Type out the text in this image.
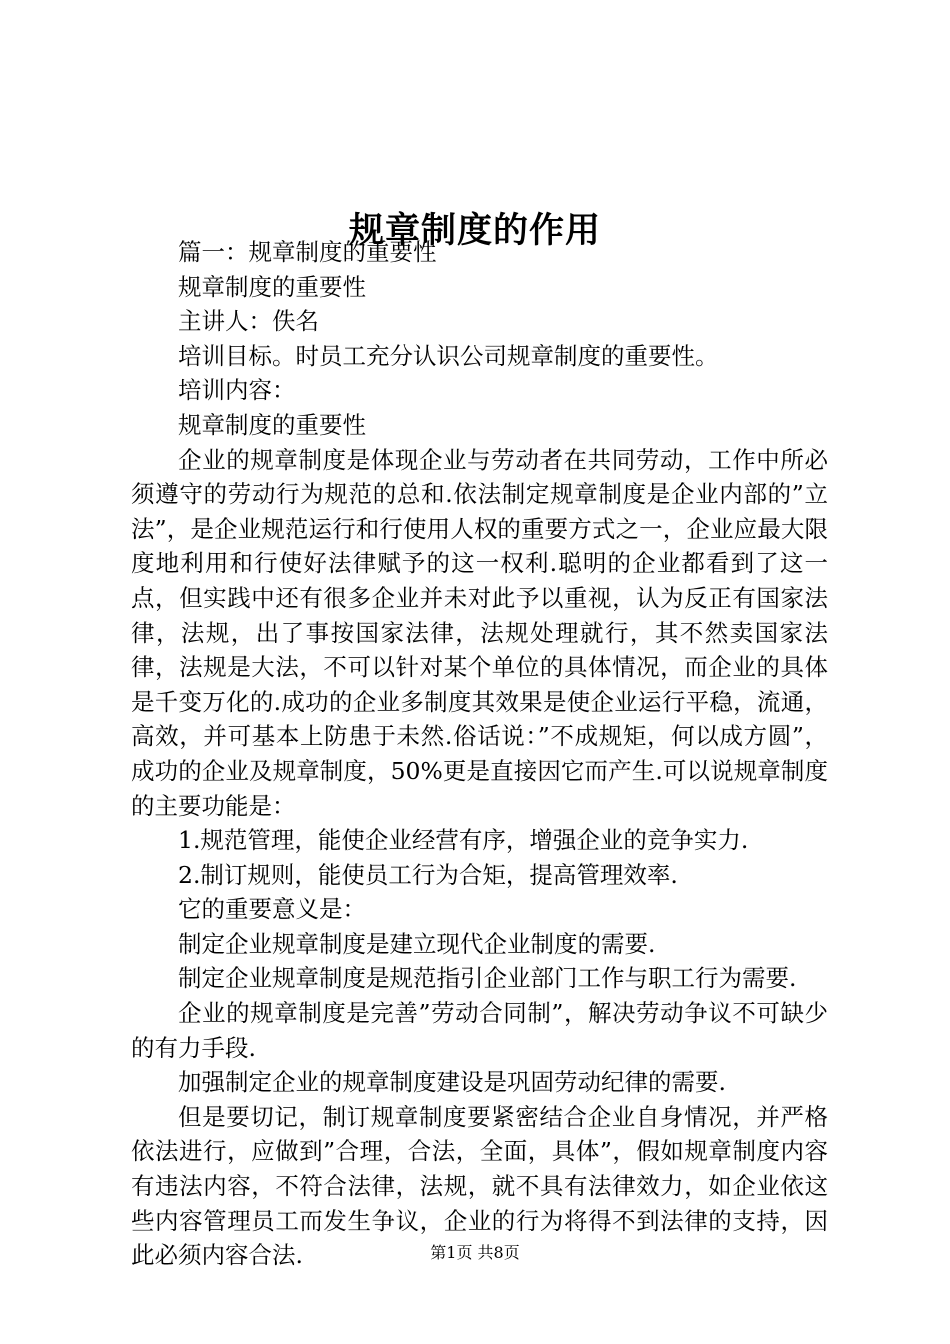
规章制度的作用

篇一：规章制度的重要性

规章制度的重要性

主讲人：佚名

培训目标。时员工充分认识公司规章制度的重要性。

培训内容：

规章制度的重要性

企业的规章制度是体现企业与劳动者在共同劳动，工作中所必须遵守的劳动行为规范的总和.依法制定规章制度是企业内部的”立法”，是企业规范运行和行使用人权的重要方式之一，企业应最大限度地利用和行使好法律赋予的这一权利.聪明的企业都看到了这一点，但实践中还有很多企业并未对此予以重视，认为反正有国家法律，法规，出了事按国家法律，法规处理就行，其不然卖国家法律，法规是大法，不可以针对某个单位的具体情况，而企业的具体是千变万化的.成功的企业多制度其效果是使企业运行平稳，流通，高效，并可基本上防患于未然.俗话说：”不成规矩，何以成方圆”，成功的企业及规章制度，50%更是直接因它而产生.可以说规章制度的主要功能是：

1.规范管理，能使企业经营有序，增强企业的竞争实力.

2.制订规则，能使员工行为合矩，提高管理效率.

它的重要意义是：

制定企业规章制度是建立现代企业制度的需要.

制定企业规章制度是规范指引企业部门工作与职工行为需要.

企业的规章制度是完善”劳动合同制”，解决劳动争议不可缺少的有力手段.

加强制定企业的规章制度建设是巩固劳动纪律的需要.

但是要切记，制订规章制度要紧密结合企业自身情况，并严格依法进行，应做到”合理，合法，全面，具体”，假如规章制度内容有违法内容，不符合法律，法规，就不具有法律效力，如企业依这些内容管理员工而发生争议，企业的行为将得不到法律的支持，因此必须内容合法.	第1页 共8页
